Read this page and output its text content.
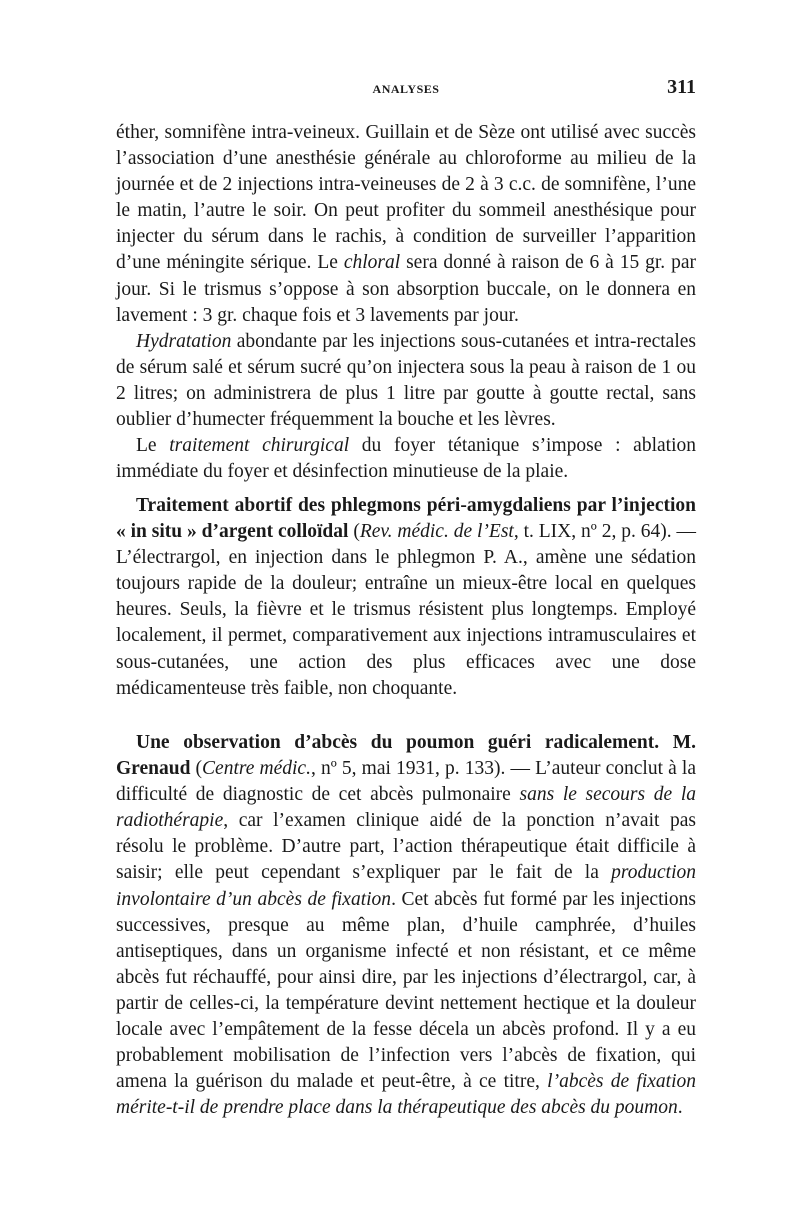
ANALYSES	311

éther, somnifène intra-veineux. Guillain et de Sèze ont utilisé avec succès l’association d’une anesthésie générale au chloroforme au milieu de la journée et de 2 injections intra-veineuses de 2 à 3 c.c. de somnifène, l’une le matin, l’autre le soir. On peut profiter du sommeil anesthésique pour injecter du sérum dans le rachis, à condition de surveiller l’apparition d’une méningite sérique. Le chloral sera donné à raison de 6 à 15 gr. par jour. Si le trismus s’oppose à son absorption buccale, on le donnera en lavement : 3 gr. chaque fois et 3 lavements par jour.

Hydratation abondante par les injections sous-cutanées et intra-rectales de sérum salé et sérum sucré qu’on injectera sous la peau à raison de 1 ou 2 litres; on administrera de plus 1 litre par goutte à goutte rectal, sans oublier d’humecter fréquemment la bouche et les lèvres.

Le traitement chirurgical du foyer tétanique s’impose : ablation immédiate du foyer et désinfection minutieuse de la plaie.

Traitement abortif des phlegmons péri-amygdaliens par l’injection « in situ » d’argent colloïdal (Rev. médic. de l’Est, t. LIX, nº 2, p. 64). — L’électrargol, en injection dans le phlegmon P. A., amène une sédation toujours rapide de la douleur; entraîne un mieux-être local en quelques heures. Seuls, la fièvre et le trismus résistent plus longtemps. Employé localement, il permet, comparativement aux injections intramusculaires et sous-cutanées, une action des plus efficaces avec une dose médicamenteuse très faible, non choquante.

Une observation d’abcès du poumon guéri radicalement. M. Grenaud (Centre médic., nº 5, mai 1931, p. 133). — L’auteur conclut à la difficulté de diagnostic de cet abcès pulmonaire sans le secours de la radiothérapie, car l’examen clinique aidé de la ponction n’avait pas résolu le problème. D’autre part, l’action thérapeutique était difficile à saisir; elle peut cependant s’expliquer par le fait de la production involontaire d’un abcès de fixation. Cet abcès fut formé par les injections successives, presque au même plan, d’huile camphrée, d’huiles antiseptiques, dans un organisme infecté et non résistant, et ce même abcès fut réchauffé, pour ainsi dire, par les injections d’électrargol, car, à partir de celles-ci, la température devint nettement hectique et la douleur locale avec l’empâtement de la fesse décela un abcès profond. Il y a eu probablement mobilisation de l’infection vers l’abcès de fixation, qui amena la guérison du malade et peut-être, à ce titre, l’abcès de fixation mérite-t-il de prendre place dans la thérapeutique des abcès du poumon.
